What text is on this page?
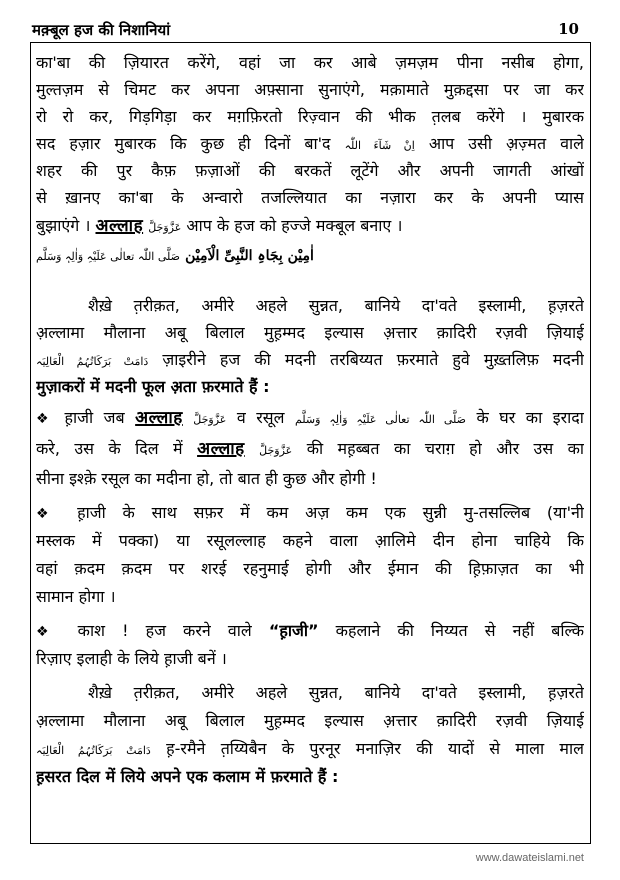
मक़्बूल हज की निशानियां	10
का'बा की ज़ियारत करेंगे, वहां जा कर आबे ज़मज़म पीना नसीब होगा,
मुल्तज़म से चिमट कर अपना अफ़्साना सुनाएंगे, मक़ामाते मुक़द्दसा पर जा कर
रो रो कर, गिड़गिड़ा कर मग़फ़िरतो रिज़्वान की भीक त़लब करेंगे । मुबारक
सद हज़ार मुबारक कि कुछ ही दिनों बा'द اِنْ شَآءَ اللّٰہ आप उसी अ़ज़्मत वाले
शहर की पुर कैफ़ फ़ज़ाओं की बरकतें लूटेंगे और अपनी जागती आंखों
से ख़ानए का'बा के अन्वारो तजल्लियात का नज़ारा कर के अपनी प्यास
बुझाएंगे । अल्लाह عَزَّوَجَلَّ आप के हज को हज्जे मक्बूल बनाए ।
اٰمِیْن بِجَاہِ النَّبِیِّ الْاَمِیْن صَلَّی اللّٰہ تعالٰی عَلَیْہِ وَاٰلِہٖ وَسَلَّم
शैख़े त़रीक़त, अमीरे अहले सुन्नत, बानिये दा'वते इस्लामी, ह़ज़रते
अ़ल्लामा मौलाना अबू बिलाल मुह़म्मद इल्यास अ़त्तार क़ादिरी रज़वी ज़ियाई
دَامَتْ بَرَکَاتُہُمُ الْعَالِیَہ ज़ाइरीने हज की मदनी तरबिय्यत फ़रमाते हुवे मुख़्तलिफ़ मदनी
मुज़ाकरों में मदनी फूल अ़ता फ़रमाते हैं :
❖ ह़ाजी जब अल्लाह عَزَّوَجَلَّ व रसूल صَلَّی اللّٰہ تعالٰی عَلَیْہِ وَاٰلِہٖ وَسَلَّم के घर का इरादा
करे, उस के दिल में अल्लाह عَزَّوَجَلَّ की मह़ब्बत का चराग़ हो और उस का
सीना इश्क़े रसूल का मदीना हो, तो बात ही कुछ और होगी !
❖ ह़ाजी के साथ सफ़र में कम अज़ कम एक सुन्नी मु-तसल्लिब (या'नी
मस्लक में पक्का) या रसूलल्लाह कहने वाला आ़लिमे दीन होना चाहिये कि
वहां क़दम क़दम पर शरई रहनुमाई होगी और ईमान की ह़िफ़ाज़त का भी
सामान होगा ।
❖ काश ! हज करने वाले “ह़ाजी” कहलाने की निय्यत से नहीं बल्कि
रिज़ाए इलाही के लिये ह़ाजी बनें ।
शैख़े त़रीक़त, अमीरे अहले सुन्नत, बानिये दा'वते इस्लामी, ह़ज़रते
अ़ल्लामा मौलाना अबू बिलाल मुह़म्मद इल्यास अ़त्तार क़ादिरी रज़वी ज़ियाई
دَامَتْ بَرَکَاتُہُمُ الْعَالِیَہ ह़-रमैने त़य्यिबैन के पुरनूर मनाज़िर की यादों से माला माल
ह़सरत दिल में लिये अपने एक कलाम में फ़रमाते हैं :
www.dawateislami.net
